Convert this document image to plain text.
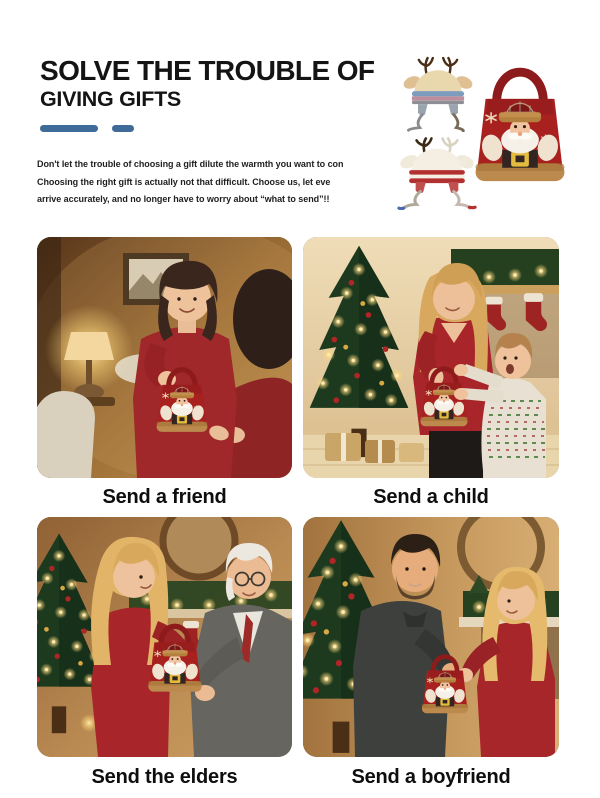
SOLVE THE TROUBLE OF
GIVING GIFTS

Don't let the trouble of choosing a gift dilute the warmth you want to con
Choosing the right gift is actually not that difficult. Choose us, let eve
arrive accurately, and no longer have to worry about “what to send”!!

Send a friend	Send a child
Send the elders	Send a boyfriend
